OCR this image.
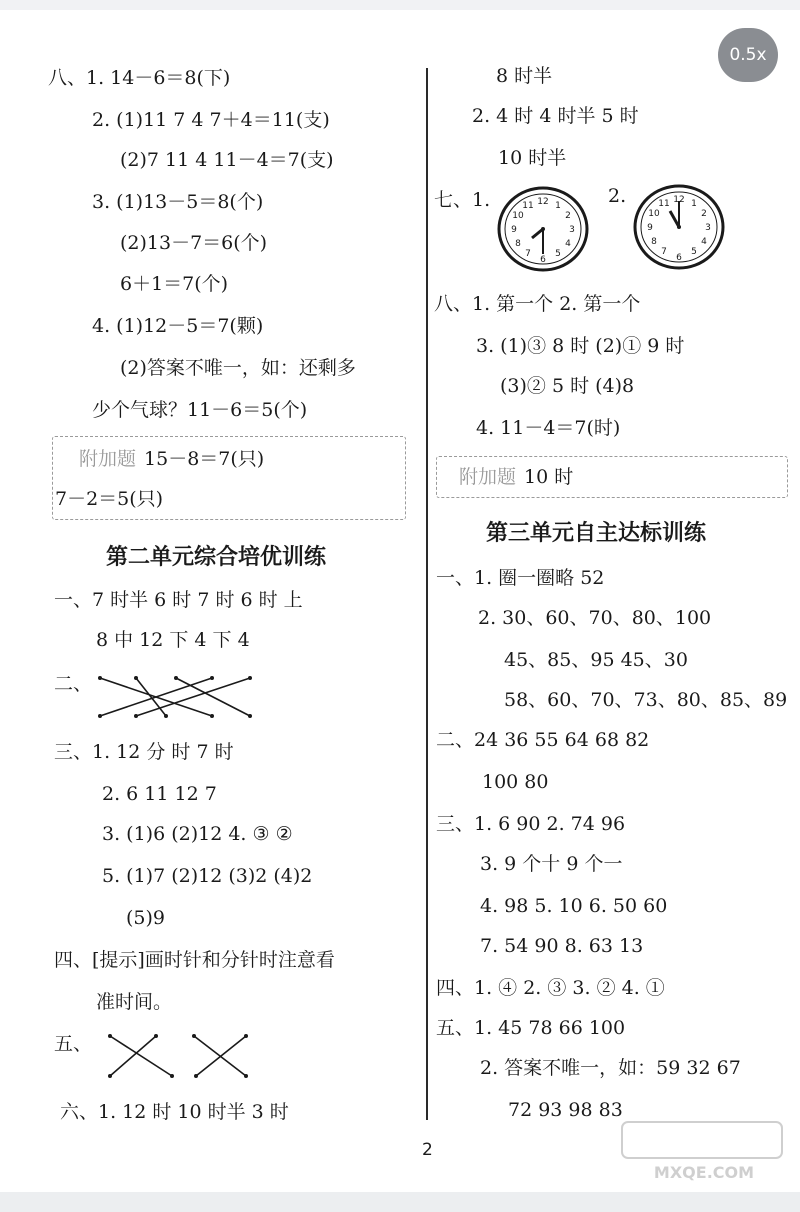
0.5x
八、1. 14－6＝8(下)
2. (1)11 7 4 7＋4＝11(支)
(2)7 11 4 11－4＝7(支)
3. (1)13－5＝8(个)
(2)13－7＝6(个)
6＋1＝7(个)
4. (1)12－5＝7(颗)
(2)答案不唯一，如：还剩多
少个气球？11－6＝5(个)
附加题 15－8＝7(只)
7－2＝5(只)
第二单元综合培优训练
一、7 时半 6 时 7 时 6 时 上
8 中 12 下 4 下 4
二、
三、1. 12 分 时 7 时
2. 6 11 12 7
3. (1)6 (2)12 4. ③ ②
5. (1)7 (2)12 (3)2 (4)2
(5)9
四、[提示]画时针和分针时注意看
准时间。
五、
六、1. 12 时 10 时半 3 时
8 时半
2. 4 时 4 时半 5 时
10 时半
七、1.	2.
12
3
6
9
1
2
4
5
7
8
10
11
12
3
6
9
1
2
4
5
7
8
10
11
八、1. 第一个 2. 第一个
3. (1)③ 8 时 (2)① 9 时
(3)② 5 时 (4)8
4. 11－4＝7(时)
附加题 10 时
第三单元自主达标训练
一、1. 圈一圈略 52
2. 30、60、70、80、100
45、85、95 45、30
58、60、70、73、80、85、89
二、24 36 55 64 68 82
100 80
三、1. 6 90 2. 74 96
3. 9 个十 9 个一
4. 98 5. 10 6. 50 60
7. 54 90 8. 63 13
四、1. ④ 2. ③ 3. ② 4. ①
五、1. 45 78 66 100
2. 答案不唯一，如：59 32 67
72 93 98 83
2
MXQE.COM
